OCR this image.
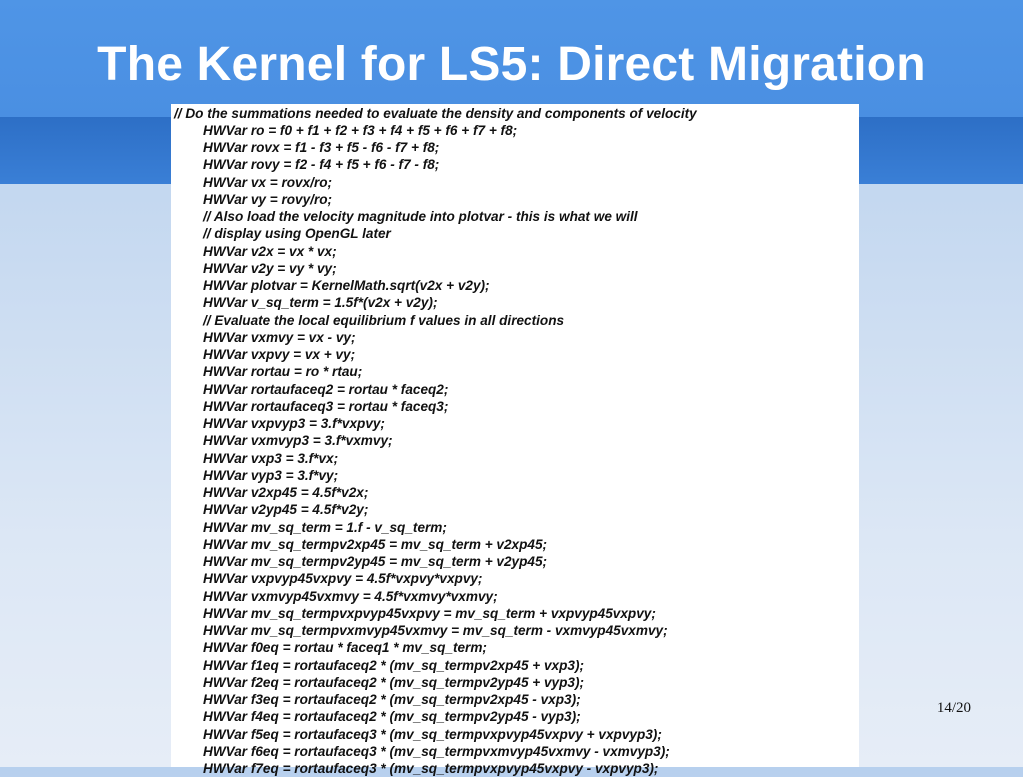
The Kernel for LS5: Direct Migration
// Do the summations needed to evaluate the density and components of velocity
HWVar ro = f0 + f1 + f2 + f3 + f4 + f5 + f6 + f7 + f8;
HWVar rovx = f1 - f3 + f5 - f6 - f7 + f8;
HWVar rovy = f2 - f4 + f5 + f6 - f7 - f8;
HWVar vx = rovx/ro;
HWVar vy = rovy/ro;
// Also load the velocity magnitude into plotvar - this is what we will
// display using OpenGL later
HWVar v2x = vx * vx;
HWVar v2y = vy * vy;
HWVar plotvar = KernelMath.sqrt(v2x + v2y);
HWVar v_sq_term = 1.5f*(v2x + v2y);
// Evaluate the local equilibrium f values in all directions
HWVar vxmvy = vx - vy;
HWVar vxpvy = vx + vy;
HWVar rortau = ro * rtau;
HWVar rortaufaceq2 = rortau * faceq2;
HWVar rortaufaceq3 = rortau * faceq3;
HWVar vxpvyp3 = 3.f*vxpvy;
HWVar vxmvyp3 = 3.f*vxmvy;
HWVar vxp3 = 3.f*vx;
HWVar vyp3 = 3.f*vy;
HWVar v2xp45 = 4.5f*v2x;
HWVar v2yp45 = 4.5f*v2y;
HWVar mv_sq_term = 1.f - v_sq_term;
HWVar mv_sq_termpv2xp45 = mv_sq_term + v2xp45;
HWVar mv_sq_termpv2yp45 = mv_sq_term + v2yp45;
HWVar vxpvyp45vxpvy = 4.5f*vxpvy*vxpvy;
HWVar vxmvyp45vxmvy = 4.5f*vxmvy*vxmvy;
HWVar mv_sq_termpvxpvyp45vxpvy = mv_sq_term + vxpvyp45vxpvy;
HWVar mv_sq_termpvxmvyp45vxmvy = mv_sq_term - vxmvyp45vxmvy;
HWVar f0eq = rortau * faceq1 * mv_sq_term;
HWVar f1eq = rortaufaceq2 * (mv_sq_termpv2xp45 + vxp3);
HWVar f2eq = rortaufaceq2 * (mv_sq_termpv2yp45 + vyp3);
HWVar f3eq = rortaufaceq2 * (mv_sq_termpv2xp45 - vxp3);
HWVar f4eq = rortaufaceq2 * (mv_sq_termpv2yp45 - vyp3);
HWVar f5eq = rortaufaceq3 * (mv_sq_termpvxpvyp45vxpvy + vxpvyp3);
HWVar f6eq = rortaufaceq3 * (mv_sq_termpvxmvyp45vxmvy - vxmvyp3);
HWVar f7eq = rortaufaceq3 * (mv_sq_termpvxpvyp45vxpvy - vxpvyp3);
14/20
